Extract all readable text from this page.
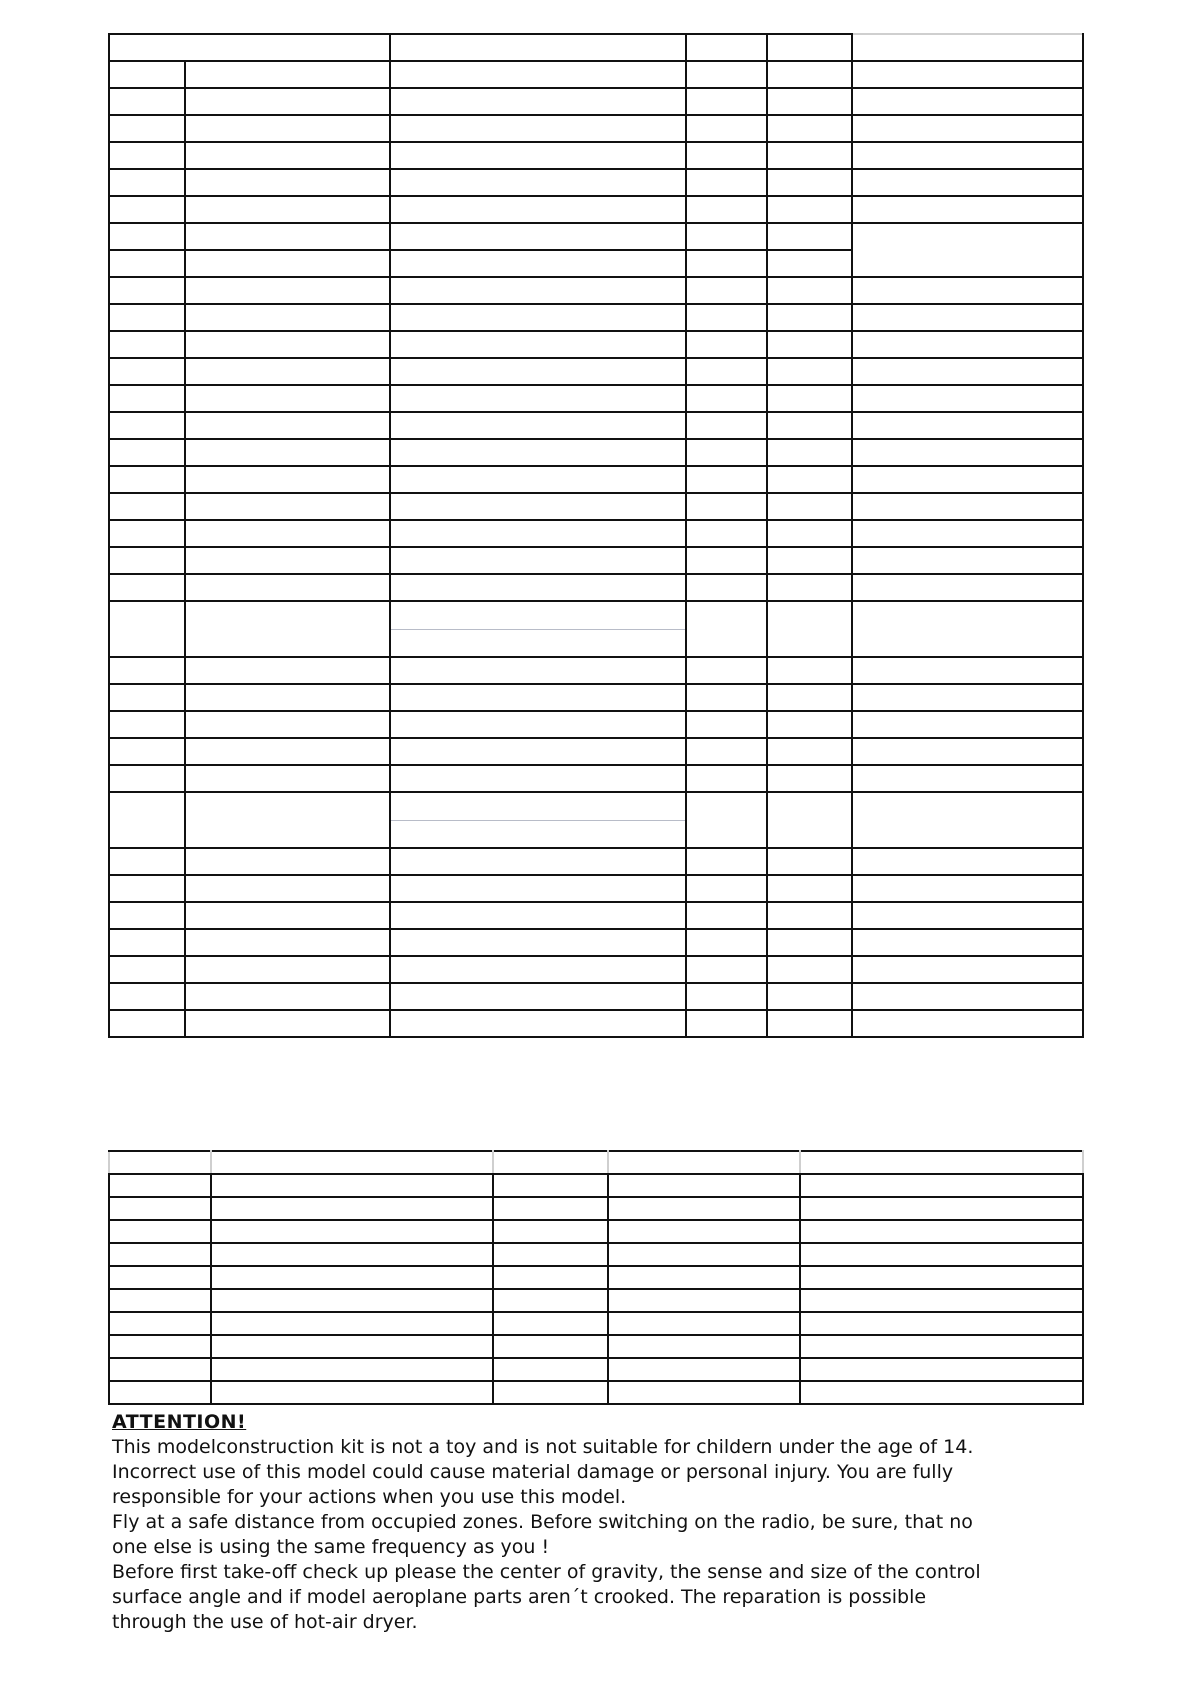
ATTENTION!

This modelconstruction kit is not a toy and is not suitable for childern under the age of 14.

Incorrect use of this model could cause material damage or personal injury. You are fully

responsible for your actions when you use this model.

Fly at a safe distance from occupied zones. Before switching on the radio, be sure, that no

one else is using the same frequency as you !

Before first take-off check up please the center of gravity, the sense and size of the control

surface angle and if model aeroplane parts aren´t crooked. The reparation is possible

through the use of hot-air dryer.
